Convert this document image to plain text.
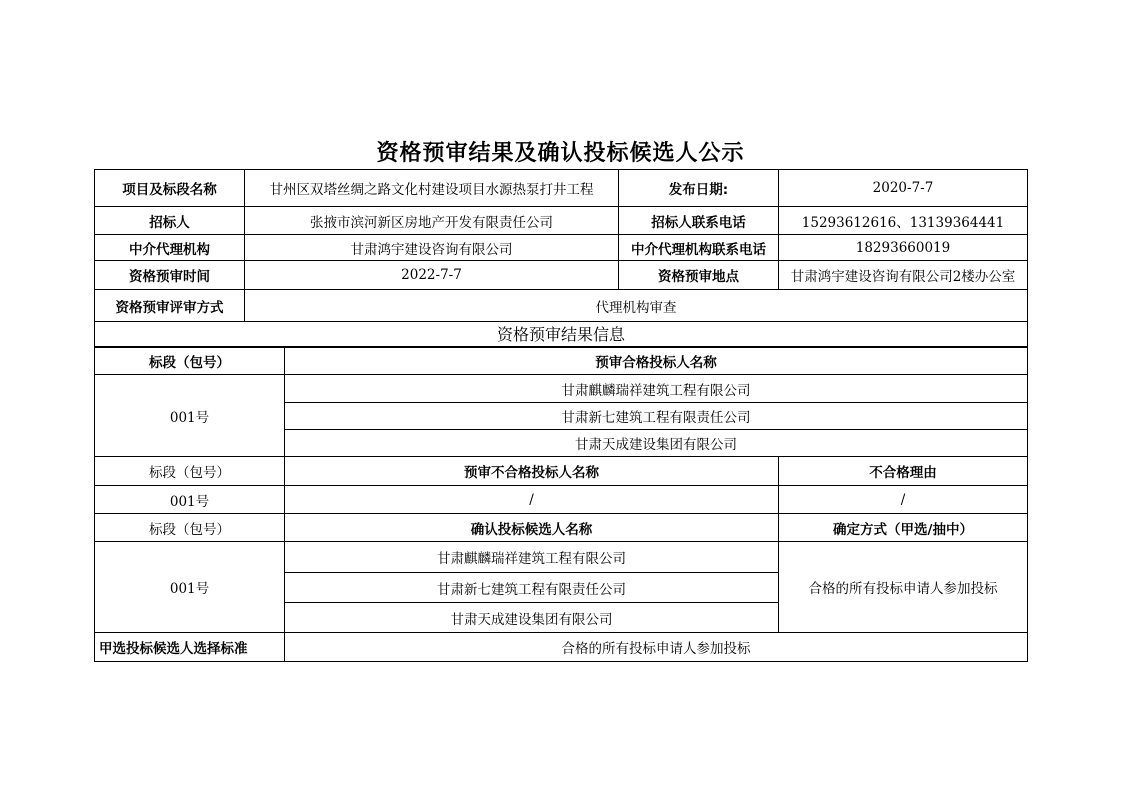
资格预审结果及确认投标候选人公示
项目及标段名称	甘州区双塔丝绸之路文化村建设项目水源热泵打井工程		发布日期:	2020-7-7
招标人	张掖市滨河新区房地产开发有限责任公司		招标人联系电话	15293612616、13139364441
中介代理机构	甘肃鸿宇建设咨询有限公司		中介代理机构联系电话	18293660019
资格预审时间	2022-7-7		资格预审地点	甘肃鸿宇建设咨询有限公司2楼办公室
资格预审评审方式	代理机构审查			
资格预审结果信息				
标段（包号）		预审合格投标人名称		
001号		甘肃麒麟瑞祥建筑工程有限公司		
		甘肃新七建筑工程有限责任公司		
		甘肃天成建设集团有限公司		
标段（包号）		预审不合格投标人名称		不合格理由
001号		/		/
标段（包号）		确认投标候选人名称		确定方式（甲选/抽中）
001号		甘肃麒麟瑞祥建筑工程有限公司		合格的所有投标申请人参加投标
		甘肃新七建筑工程有限责任公司		
		甘肃天成建设集团有限公司		
甲选投标候选人选择标准		合格的所有投标申请人参加投标		
